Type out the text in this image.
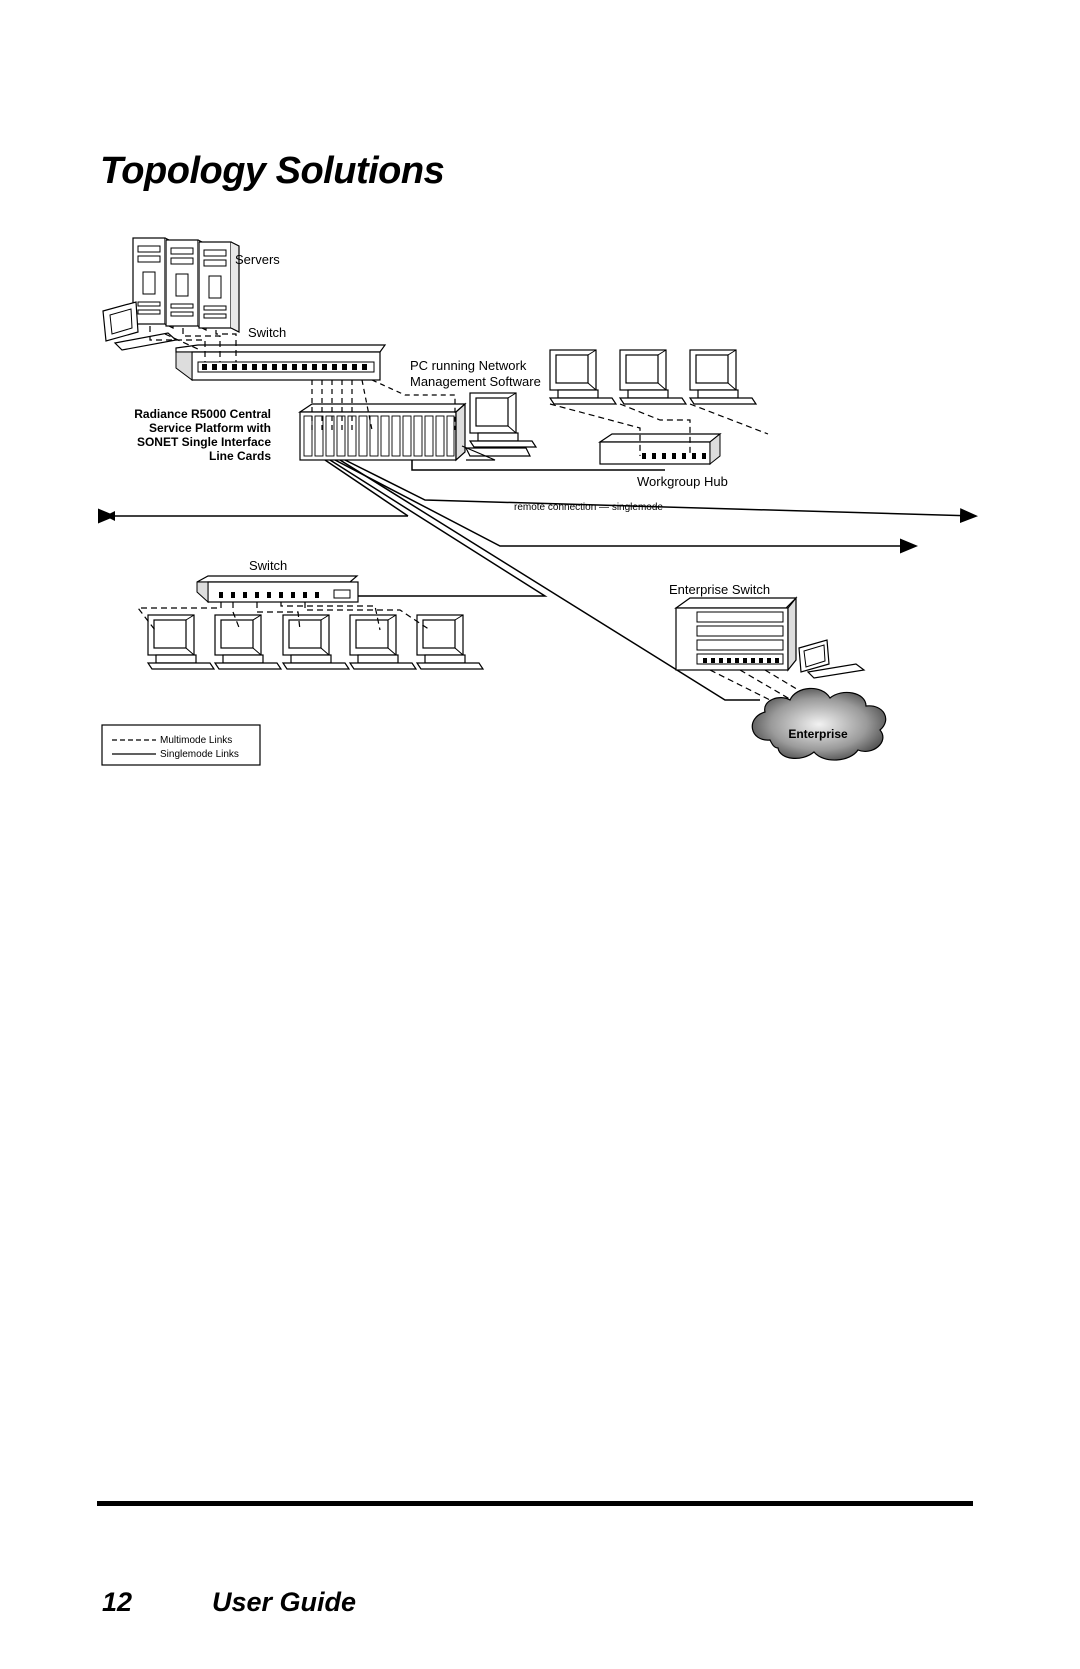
Topology Solutions
Servers
Switch
Radiance R5000 Central
Service Platform with
SONET Single Interface
Line Cards
PC running Network
Management Software
Workgroup Hub
remote connection — singlemode
Switch
Enterprise Switch
Enterprise
Multimode Links
Singlemode Links
12	User Guide
